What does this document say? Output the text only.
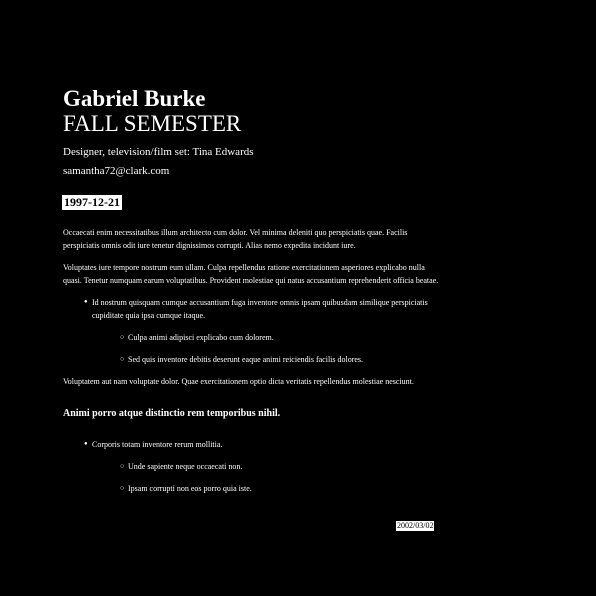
Gabriel Burke
FALL SEMESTER
Designer, television/film set: Tina Edwards
samantha72@clark.com
1997-12-21

Occaecati enim necessitatibus illum architecto cum dolor. Vel minima deleniti quo perspiciatis quae. Facilis perspiciatis omnis odit iure tenetur dignissimos corrupti. Alias nemo expedita incidunt iure.

Voluptates iure tempore nostrum eum ullam. Culpa repellendus ratione exercitationem asperiores explicabo nulla quasi. Tenetur numquam earum voluptatibus. Provident molestiae qui natus accusantium reprehenderit officia beatae.

● Id nostrum quisquam cumque accusantium fuga inventore omnis ipsam quibusdam similique perspiciatis cupiditate quia ipsa cumque itaque.
○ Culpa animi adipisci explicabo cum dolorem.
○ Sed quis inventore debitis deserunt eaque animi reiciendis facilis dolores.

Voluptatem aut nam voluptate dolor. Quae exercitationem optio dicta veritatis repellendus molestiae nesciunt.

Animi porro atque distinctio rem temporibus nihil.
● Corporis totam inventore rerum mollitia.
○ Unde sapiente neque occaecati non.
○ Ipsam corrupti non eos porro quia iste.
2002/03/02
